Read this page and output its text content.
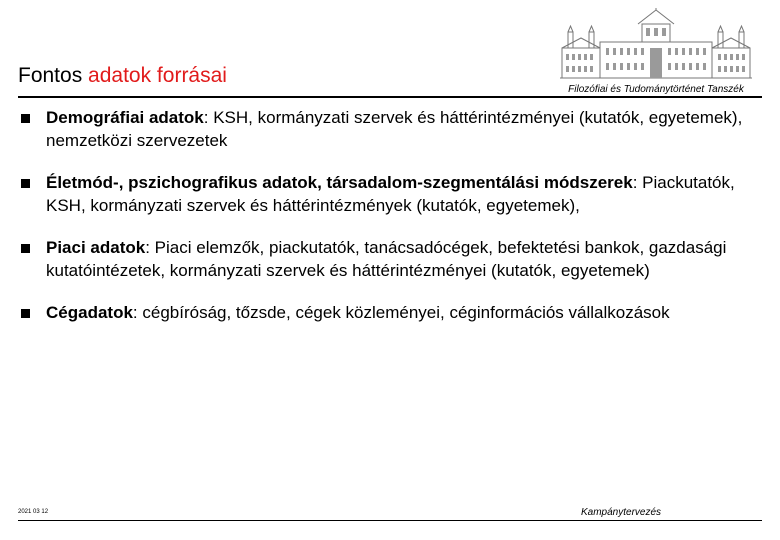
Fontos adatok forrásai
Filozófiai és Tudománytörténet Tanszék
Demográfiai adatok: KSH, kormányzati szervek és háttérintézményei (kutatók, egyetemek), nemzetközi szervezetek
Életmód-, pszichografikus adatok, társadalom-szegmentálási módszerek: Piackutatók, KSH, kormányzati szervek és háttérintézmények (kutatók, egyetemek),
Piaci adatok: Piaci elemzők, piackutatók, tanácsadócégek, befektetési bankok, gazdasági kutatóintézetek, kormányzati szervek és háttérintézményei (kutatók, egyetemek)
Cégadatok: cégbíróság, tőzsde, cégek közleményei, céginformációs vállalkozások
2021 03 12	Kampánytervezés
